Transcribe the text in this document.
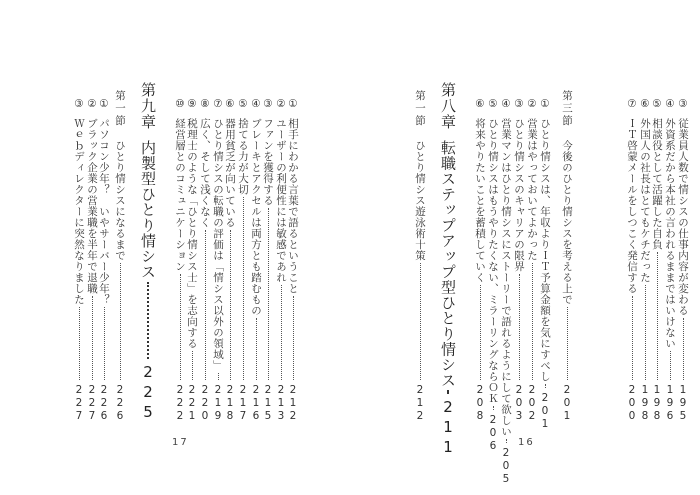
③
従業員人数で情シスの仕事内容が変わる
195
④
外資系だから本社の言われるままではいけない
196
⑤
相談役として活躍した自負
198
⑥
外国人の社長はとてもケチだった
198
⑦
ＩＴ啓蒙メールをしつこく発信する
200
第三節
今後のひとり情シスを考える上で
201
①
ひとり情シスは、年収よりＩＴ予算金額を気にすべし
201
②
営業はやっておいてよかった
202
③
ひとり情シスのキャリアの限界
203
④
営業マンはひとり情シスにストーリーで語れるようにして欲しい
205
⑤
ひとり情シスはもうやりたくない、ミラーリングならＯＫ
206
⑥
将来やりたいことを蓄積していく
208
第八章
転職ステップアップ型ひとり情シス
211
第一節
ひとり情シス遊泳術十策
212
①
相手にわかる言葉で語るということ
212
②
ユーザーの利便性には敏感であれ
213
③
ファンを獲得する
215
④
ブレーキとアクセルは両方とも踏むもの
216
⑤
捨てる力が大切
217
⑥
器用貧乏が向いている
218
⑦
ひとり情シスの転職の評価は「情シス以外の領域」
219
⑧
広く、そして浅くなく
220
⑨
税理士のような「ひとり情シス士」を志向する
221
⑩
経営層とのコミュニケーション
222
第九章
内製型ひとり情シス
225
第一節
ひとり情シスになるまで
226
①
パソコン少年？　いやサーバー少年？
226
②
ブラック企業の営業職を半年で退職
227
③
Ｗｅｂディレクターに突然なりました
227
16
17
